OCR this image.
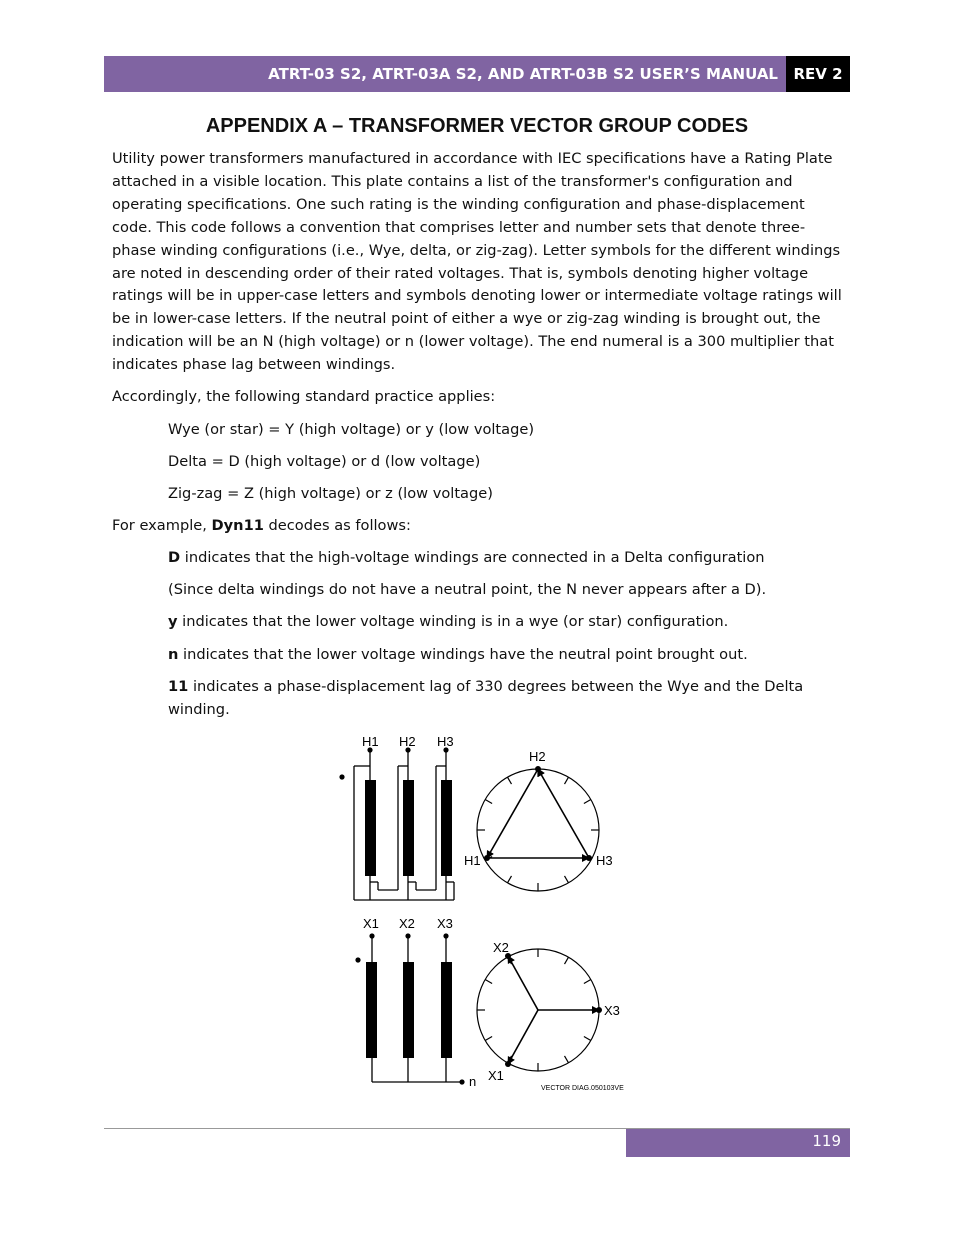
ATRT-03 S2, ATRT-03A S2, AND ATRT-03B S2 USER’S MANUAL	REV 2
APPENDIX A – TRANSFORMER VECTOR GROUP CODES

Utility power transformers manufactured in accordance with IEC specifications have a Rating Plate attached in a visible location. This plate contains a list of the transformer's configuration and operating specifications. One such rating is the winding configuration and phase-displacement code. This code follows a convention that comprises letter and number sets that denote three-phase winding configurations (i.e., Wye, delta, or zig-zag). Letter symbols for the different windings are noted in descending order of their rated voltages. That is, symbols denoting higher voltage ratings will be in upper-case letters and symbols denoting lower or intermediate voltage ratings will be in lower-case letters. If the neutral point of either a wye or zig-zag winding is brought out, the indication will be an N (high voltage) or n (lower voltage). The end numeral is a 300 multiplier that indicates phase lag between windings.

Accordingly, the following standard practice applies:

Wye (or star) = Y (high voltage) or y (low voltage)

Delta = D (high voltage) or d (low voltage)

Zig-zag = Z (high voltage) or z (low voltage)

For example, Dyn11 decodes as follows:

D indicates that the high-voltage windings are connected in a Delta configuration

(Since delta windings do not have a neutral point, the N never appears after a D).

y indicates that the lower voltage winding is in a wye (or star) configuration.

n indicates that the lower voltage windings have the neutral point brought out.

11 indicates a phase-displacement lag of 330 degrees between the Wye and the Delta winding.

H1 H2 H3
H2
H1	H3
X1 X2 X3
n
X2
X3
X1
VECTOR DIAG.050103VE
119
